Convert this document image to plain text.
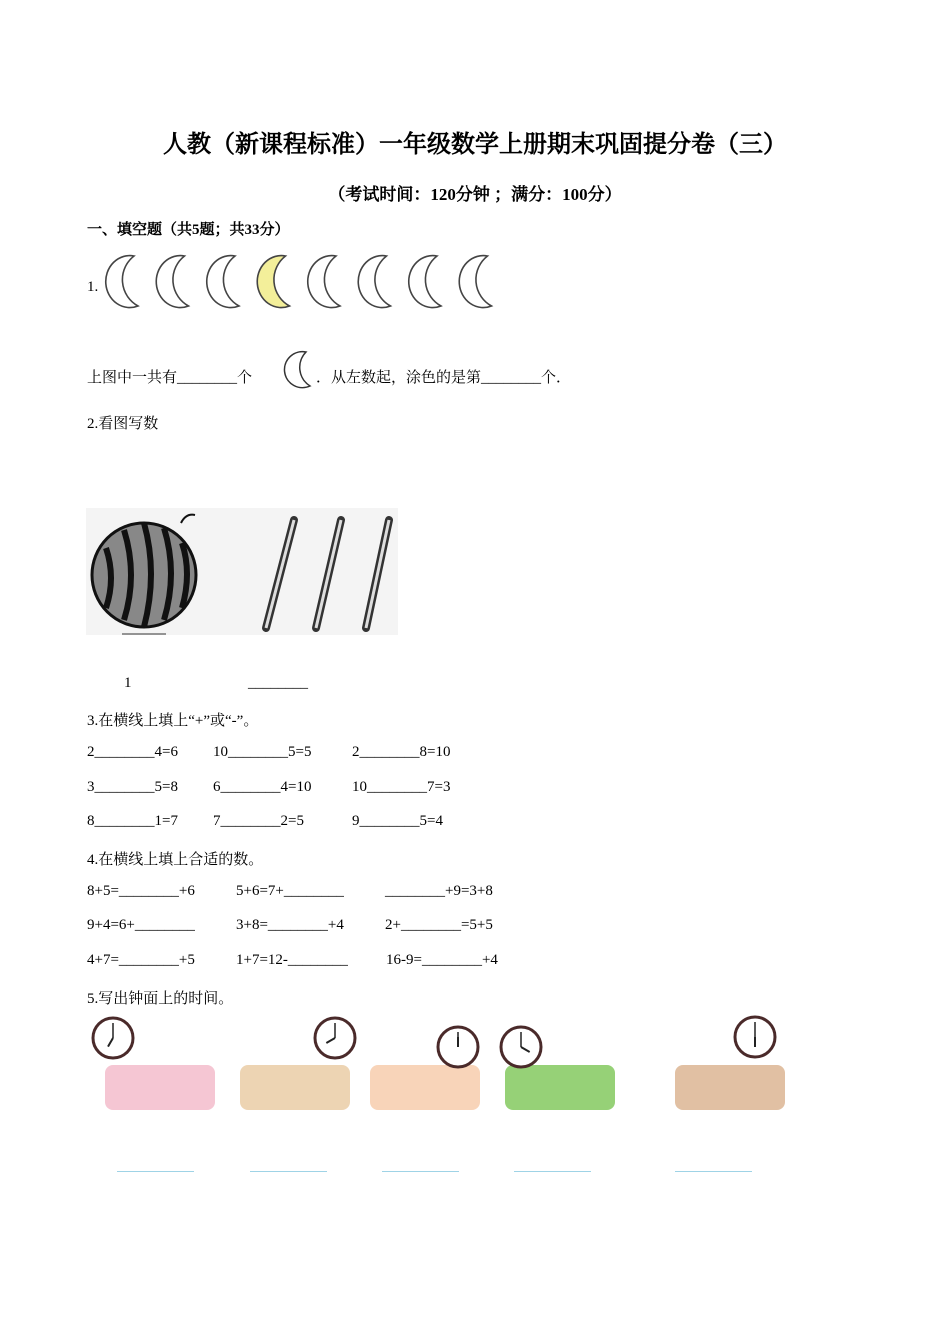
人教（新课程标准）一年级数学上册期末巩固提分卷（三）
（考试时间：120分钟 ；满分：100分）
一、填空题（共5题；共33分）
1.
上图中一共有________个	．从左数起，涂色的是第________个．
2.看图写数
1	________
3.在横线上填上“+”或“-”。
2________4=6 10________5=5	2________8=10
3________5=8 6________4=10	10________7=3
8________1=7 7________2=5	9________5=4
4.在横线上填上合适的数。
8+5=________+6	5+6=7+________	________+9=3+8
9+4=6+________	3+8=________+4	2+________=5+5
4+7=________+5	1+7=12-________	16-9=________+4
5.写出钟面上的时间。
